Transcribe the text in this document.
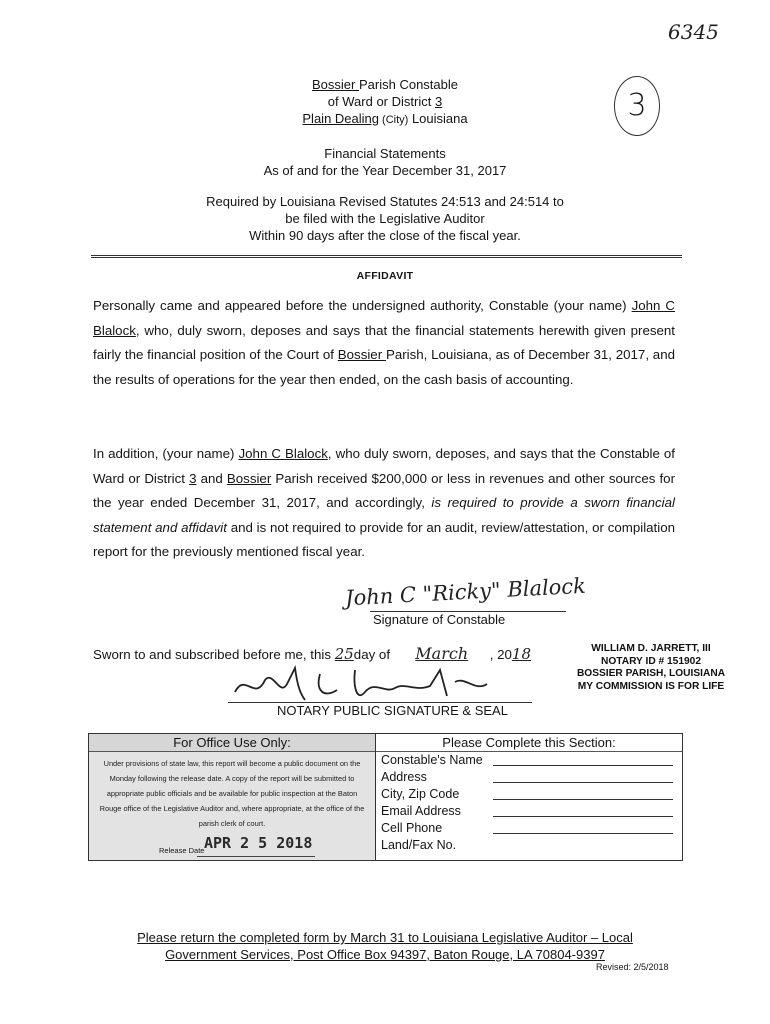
6345
3
Bossier Parish Constable
of Ward or District 3
Plain Dealing (City) Louisiana
Financial Statements
As of and for the Year December 31, 2017
Required by Louisiana Revised Statutes 24:513 and 24:514 to
be filed with the Legislative Auditor
Within 90 days after the close of the fiscal year.
AFFIDAVIT

Personally came and appeared before the undersigned authority, Constable (your name) John C Blalock, who, duly sworn, deposes and says that the financial statements herewith given present fairly the financial position of the Court of Bossier Parish, Louisiana, as of December 31, 2017, and the results of operations for the year then ended, on the cash basis of accounting.

In addition, (your name) John C Blalock, who duly sworn, deposes, and says that the Constable of Ward or District 3 and Bossier Parish received $200,000 or less in revenues and other sources for the year ended December 31, 2017, and accordingly, is required to provide a sworn financial statement and affidavit and is not required to provide for an audit, review/attestation, or compilation report for the previously mentioned fiscal year.

John C "Ricky" Blalock
Signature of Constable
Sworn to and subscribed before me, this 25day of March , 2018	WILLIAM D. JARRETT, III
NOTARY ID # 151902
BOSSIER PARISH, LOUISIANA
MY COMMISSION IS FOR LIFE
NOTARY PUBLIC SIGNATURE & SEAL
For Office Use Only:
Under provisions of state law, this report will become a public document on the Monday following the release date. A copy of the report will be submitted to appropriate public officials and be available for public inspection at the Baton Rouge office of the Legislative Auditor and, where appropriate, at the office of the parish clerk of court.
Release Date APR 2 5 2018
Please Complete this Section:
Constable's Name
Address
City, Zip Code
Email Address
Cell Phone
Land/Fax No.
Please return the completed form by March 31 to Louisiana Legislative Auditor – Local
Government Services, Post Office Box 94397, Baton Rouge, LA 70804-9397
Revised: 2/5/2018
